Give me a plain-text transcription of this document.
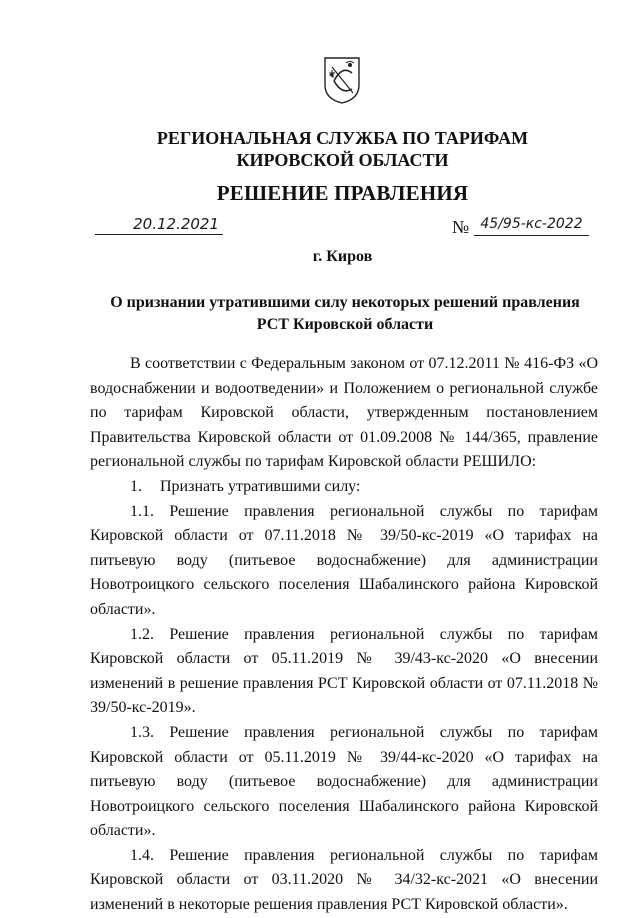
РЕГИОНАЛЬНАЯ СЛУЖБА ПО ТАРИФАМ
КИРОВСКОЙ ОБЛАСТИ
РЕШЕНИЕ ПРАВЛЕНИЯ
20.12.2021	№ 45/95-кс-2022
г. Киров
О признании утратившими силу некоторых решений правления
РСТ Кировской области

В соответствии с Федеральным законом от 07.12.2011 № 416-ФЗ «О водоснабжении и водоотведении» и Положением о региональной службе по тарифам Кировской области, утвержденным постановлением Правительства Кировской области от 01.09.2008 № 144/365, правление региональной службы по тарифам Кировской области РЕШИЛО:

1. Признать утратившими силу:

1.1. Решение правления региональной службы по тарифам Кировской области от 07.11.2018 № 39/50-кс-2019 «О тарифах на питьевую воду (питьевое водоснабжение) для администрации Новотроицкого сельского поселения Шабалинского района Кировской области».

1.2. Решение правления региональной службы по тарифам Кировской области от 05.11.2019 № 39/43-кс-2020 «О внесении изменений в решение правления РСТ Кировской области от 07.11.2018 № 39/50-кс-2019».

1.3. Решение правления региональной службы по тарифам Кировской области от 05.11.2019 № 39/44-кс-2020 «О тарифах на питьевую воду (питьевое водоснабжение) для администрации Новотроицкого сельского поселения Шабалинского района Кировской области».

1.4. Решение правления региональной службы по тарифам Кировской области от 03.11.2020 № 34/32-кс-2021 «О внесении изменений в некоторые решения правления РСТ Кировской области».
